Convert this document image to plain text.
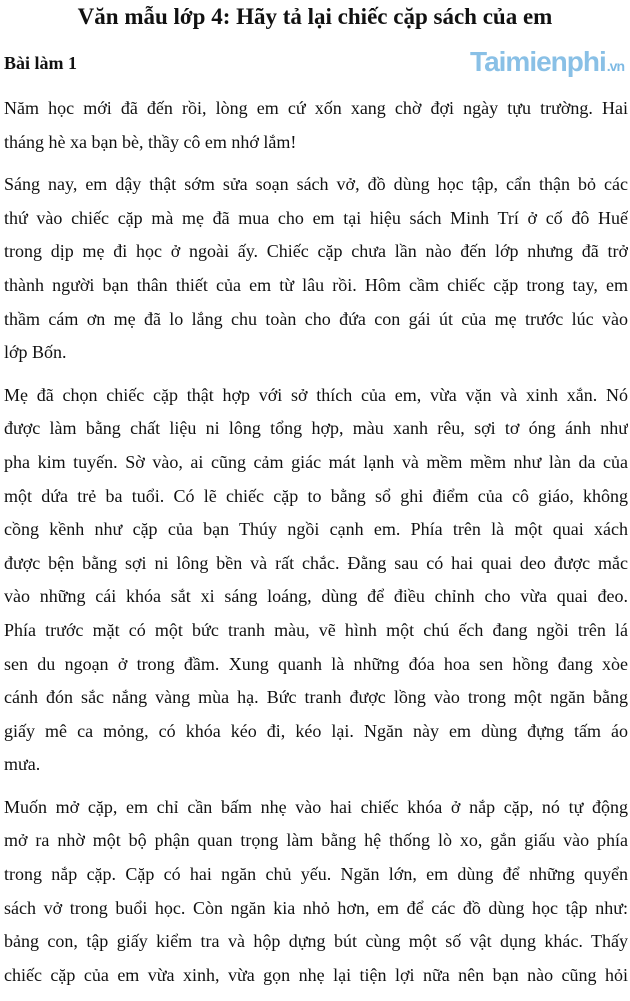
Văn mẫu lớp 4: Hãy tả lại chiếc cặp sách của em
Bài làm 1
Năm học mới đã đến rồi, lòng em cứ xốn xang chờ đợi ngày tựu trường. Hai
tháng hè xa bạn bè, thầy cô em nhớ lắm!
Sáng nay, em dậy thật sớm sửa soạn sách vở, đồ dùng học tập, cẩn thận bỏ các
thứ vào chiếc cặp mà mẹ đã mua cho em tại hiệu sách Minh Trí ở cố đô Huế
trong dịp mẹ đi học ở ngoài ấy. Chiếc cặp chưa lần nào đến lớp nhưng đã trở
thành người bạn thân thiết của em từ lâu rồi. Hôm cầm chiếc cặp trong tay, em
thầm cám ơn mẹ đã lo lắng chu toàn cho đứa con gái út của mẹ trước lúc vào
lớp Bốn.
Mẹ đã chọn chiếc cặp thật hợp với sở thích của em, vừa vặn và xinh xắn. Nó
được làm bằng chất liệu ni lông tổng hợp, màu xanh rêu, sợi tơ óng ánh như
pha kim tuyến. Sờ vào, ai cũng cảm giác mát lạnh và mềm mềm như làn da của
một dứa trẻ ba tuổi. Có lẽ chiếc cặp to bằng sổ ghi điểm của cô giáo, không
cồng kềnh như cặp của bạn Thúy ngồi cạnh em. Phía trên là một quai xách
được bện bằng sợi ni lông bền và rất chắc. Đằng sau có hai quai deo được mắc
vào những cái khóa sắt xi sáng loáng, dùng để điều chỉnh cho vừa quai đeo.
Phía trước mặt có một bức tranh màu, vẽ hình một chú ếch đang ngồi trên lá
sen du ngoạn ở trong đầm. Xung quanh là những đóa hoa sen hồng đang xòe
cánh đón sắc nắng vàng mùa hạ. Bức tranh được lồng vào trong một ngăn bằng
giấy mê ca mỏng, có khóa kéo đi, kéo lại. Ngăn này em dùng đựng tấm áo
mưa.
Muốn mở cặp, em chỉ cần bấm nhẹ vào hai chiếc khóa ở nắp cặp, nó tự động
mở ra nhờ một bộ phận quan trọng làm bằng hệ thống lò xo, gắn giấu vào phía
trong nắp cặp. Cặp có hai ngăn chủ yếu. Ngăn lớn, em dùng để những quyển
sách vở trong buổi học. Còn ngăn kia nhỏ hơn, em để các đồ dùng học tập như:
bảng con, tập giấy kiểm tra và hộp dựng bút cùng một số vật dụng khác. Thấy
chiếc cặp của em vừa xinh, vừa gọn nhẹ lại tiện lợi nữa nên bạn nào cũng hỏi
Taimienphi.vn
